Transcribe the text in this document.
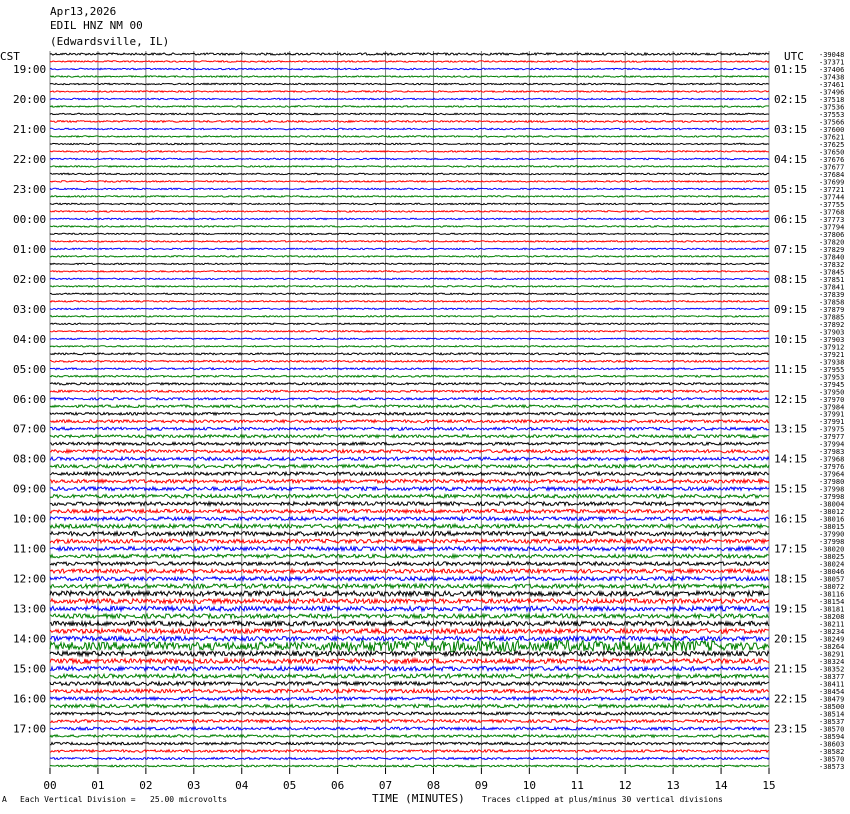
Apr13,2026
EDIL HNZ NM 00
(Edwardsville, IL)
CST	UTC -39048
-37371
-37406
-37438
-37461
-37496
-37518
-37536
-37553
-37566
-37600
-37621
-37625
-37650
-37676
-37677
-37684
-37699
-37721
-37744
-37755
-37768
-37773
-37794
-37806
-37820
-37829
-37840
-37832
-37845
-37851
-37841
-37839
-37858
-37879
-37885
-37892
-37903
-37903
-37912
-37921
-37938
-37955
-37953
-37945
-37950
-37970
-37984
-37991
-37991
-37975
-37977
-37994
-37983
-37968
-37976
-37964
-37980
-37998
-37998
-38004
-38012
-38016
-38015
-37990
-37998
-38020
-38025
-38024
-38046
-38057
-38072
-38116
-38154
-38181
-38208
-38211
-38234
-38249
-38264
-38291
-38324
-38352
-38377
-38411
-38454
-38479
-38500
-38514
-38537
-38570
-38594
-38603
-38582
-38570
-38573
19:00
20:00
21:00
22:00
23:00
00:00
01:00
02:00
03:00
04:00
05:00
06:00
07:00
08:00
09:00
10:00
11:00
12:00
13:00
14:00
15:00
16:00
17:00
01:15
02:15
03:15
04:15
05:15
06:15
07:15
08:15
09:15
10:15
11:15
12:15
13:15
14:15
15:15
16:15
17:15
18:15
19:15
20:15
21:15
22:15
23:15
00	01	02	03	04	05	06	07	08	09	10	11	12	13	14	15
A Each Vertical Division =   25.00 microvolts	TIME (MINUTES) Traces clipped at plus/minus 30 vertical divisions
